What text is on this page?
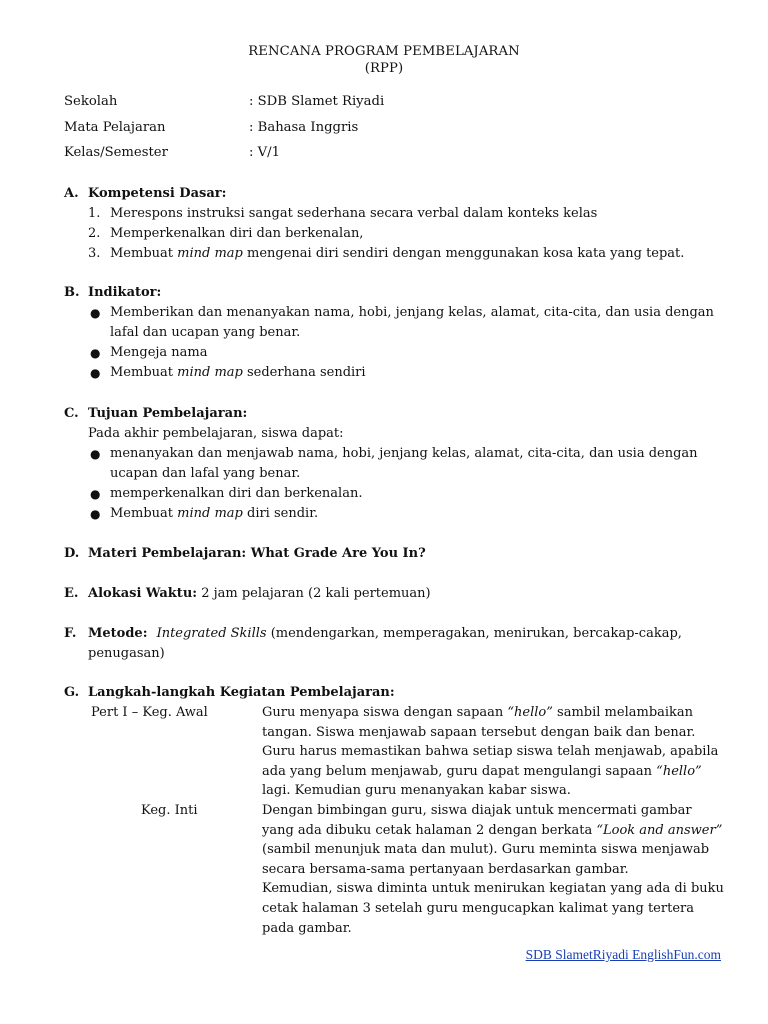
RENCANA PROGRAM PEMBELAJARAN
(RPP)
Sekolah	: SDB Slamet Riyadi
Mata Pelajaran	: Bahasa Inggris
Kelas/Semester	: V/1
A. Kompetensi Dasar:
1. Merespons instruksi sangat sederhana secara verbal dalam konteks kelas
2. Memperkenalkan diri dan berkenalan,
3. Membuat mind map mengenai diri sendiri dengan menggunakan kosa kata yang tepat.
B. Indikator:
● Memberikan dan menanyakan nama, hobi, jenjang kelas, alamat, cita-cita, dan usia dengan
lafal dan ucapan yang benar.
● Mengeja nama
● Membuat mind map sederhana sendiri
C. Tujuan Pembelajaran:
Pada akhir pembelajaran, siswa dapat:
● menanyakan dan menjawab nama, hobi, jenjang kelas, alamat, cita-cita, dan usia dengan
ucapan dan lafal yang benar.
● memperkenalkan diri dan berkenalan.
● Membuat mind map diri sendir.
D. Materi Pembelajaran: What Grade Are You In?
E. Alokasi Waktu: 2 jam pelajaran (2 kali pertemuan)
F. Metode: Integrated Skills (mendengarkan, memperagakan, menirukan, bercakap-cakap,
penugasan)
G. Langkah-langkah Kegiatan Pembelajaran:
Pert I – Keg. Awal	Guru menyapa siswa dengan sapaan “hello” sambil melambaikan
tangan. Siswa menjawab sapaan tersebut dengan baik dan benar.
Guru harus memastikan bahwa setiap siswa telah menjawab, apabila
ada yang belum menjawab, guru dapat mengulangi sapaan “hello”
lagi. Kemudian guru menanyakan kabar siswa.
Keg. Inti	Dengan bimbingan guru, siswa diajak untuk mencermati gambar
yang ada dibuku cetak halaman 2 dengan berkata “Look and answer”
(sambil menunjuk mata dan mulut). Guru meminta siswa menjawab
secara bersama-sama pertanyaan berdasarkan gambar.
Kemudian, siswa diminta untuk menirukan kegiatan yang ada di buku
cetak halaman 3 setelah guru mengucapkan kalimat yang tertera
pada gambar.
SDB SlametRiyadi EnglishFun.com
